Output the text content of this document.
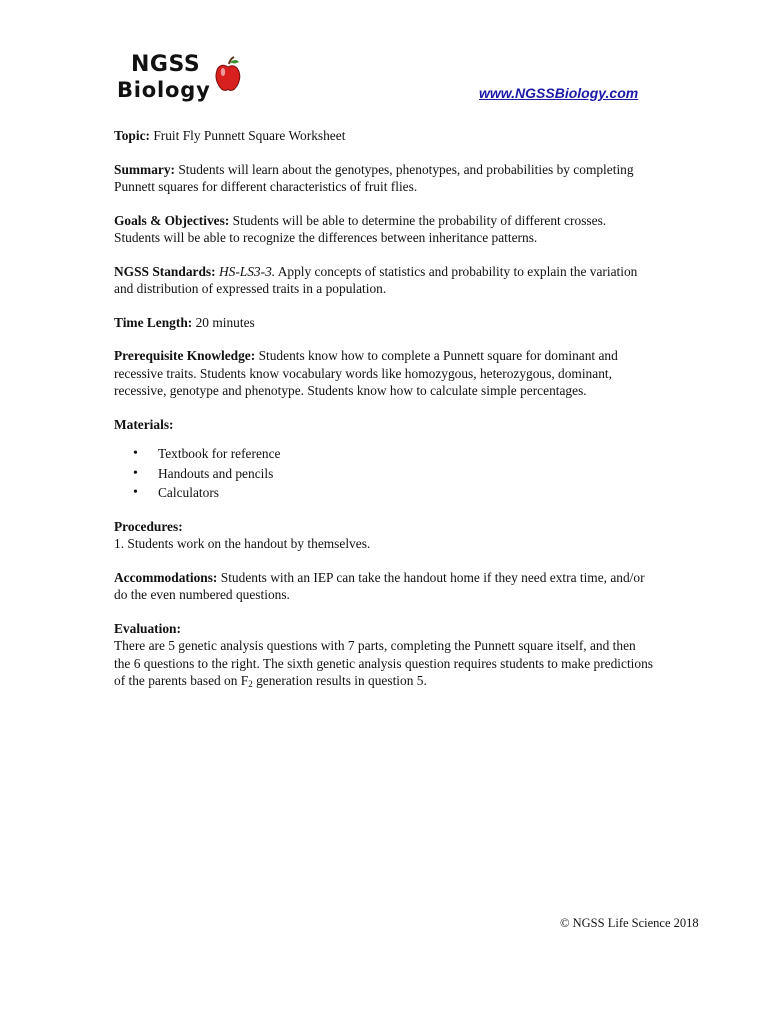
NGSS
Biology	www.NGSSBiology.com

Topic: Fruit Fly Punnett Square Worksheet

Summary: Students will learn about the genotypes, phenotypes, and probabilities by completing Punnett squares for different characteristics of fruit flies.

Goals & Objectives: Students will be able to determine the probability of different crosses. Students will be able to recognize the differences between inheritance patterns.

NGSS Standards: HS-LS3-3. Apply concepts of statistics and probability to explain the variation and distribution of expressed traits in a population.

Time Length: 20 minutes

Prerequisite Knowledge: Students know how to complete a Punnett square for dominant and recessive traits. Students know vocabulary words like homozygous, heterozygous, dominant, recessive, genotype and phenotype. Students know how to calculate simple percentages.

Materials:

• Textbook for reference
• Handouts and pencils
• Calculators

Procedures:
1. Students work on the handout by themselves.

Accommodations: Students with an IEP can take the handout home if they need extra time, and/or do the even numbered questions.

Evaluation:
There are 5 genetic analysis questions with 7 parts, completing the Punnett square itself, and then the 6 questions to the right. The sixth genetic analysis question requires students to make predictions of the parents based on $F_2$ generation results in question 5.

© NGSS Life Science 2018
